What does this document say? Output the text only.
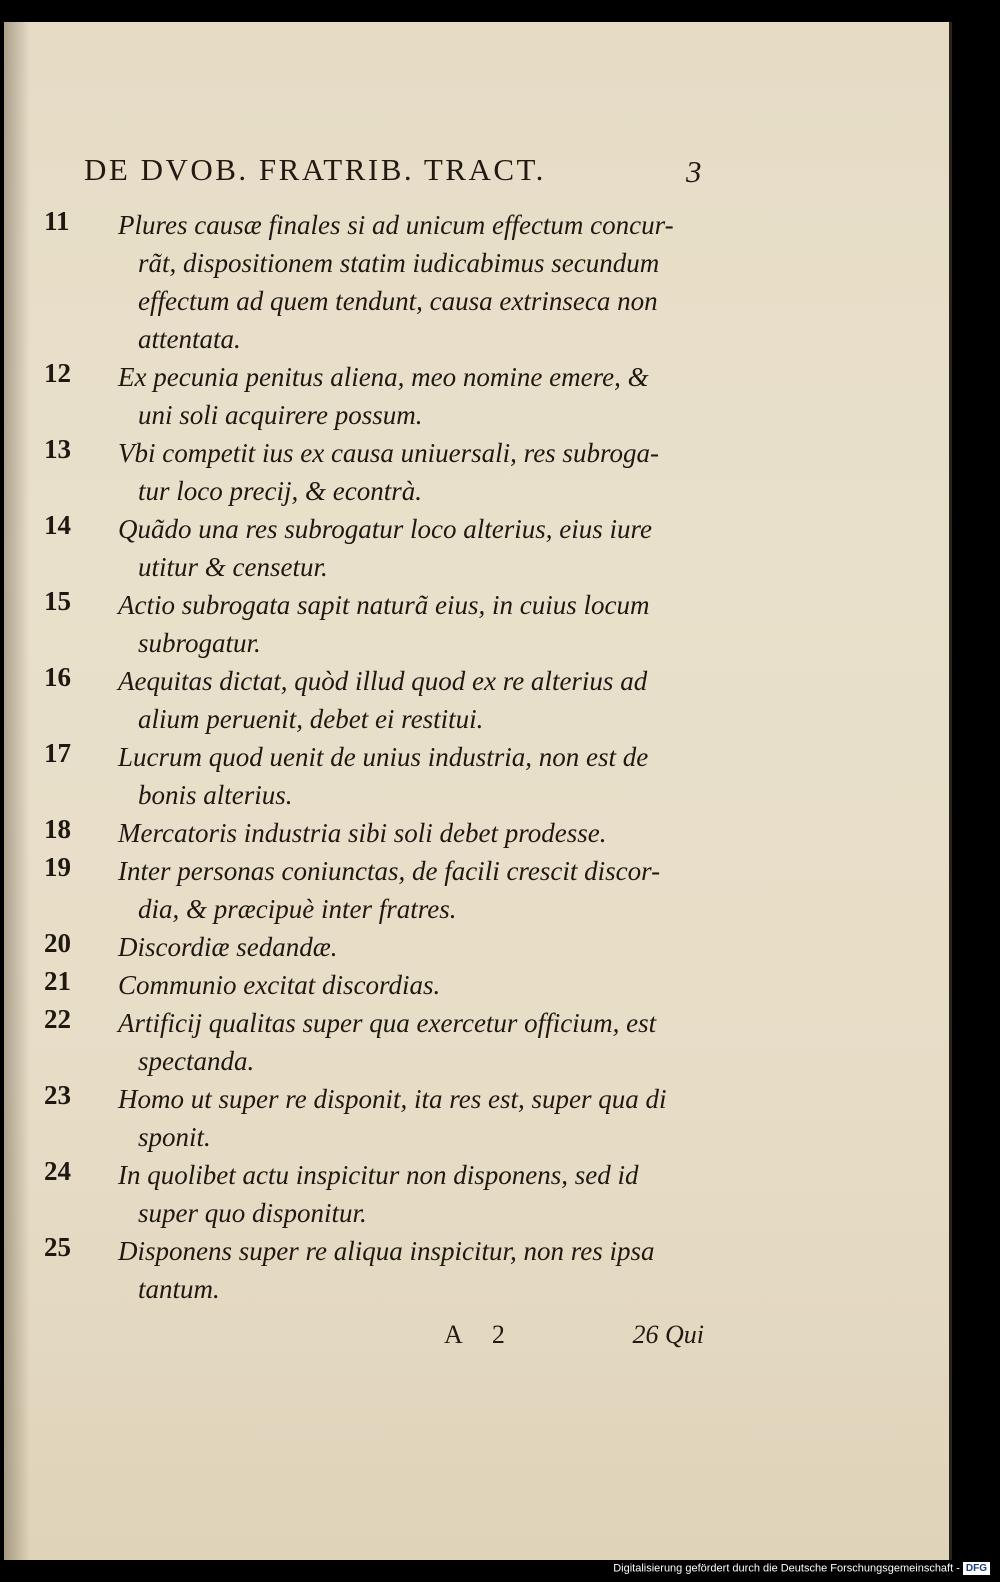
DE DVOB. FRATRIB. TRACT.	3
11	Plures causæ finales si ad unicum effectum concur-
rãt, dispositionem statim iudicabimus secundum
effectum ad quem tendunt, causa extrinseca non
attentata.
12	Ex pecunia penitus aliena, meo nomine emere, &
uni soli acquirere possum.
13	Vbi competit ius ex causa uniuersali, res subroga-
tur loco precij, & econtrà.
14	Quãdo una res subrogatur loco alterius, eius iure
utitur & censetur.
15	Actio subrogata sapit naturã eius, in cuius locum
subrogatur.
16	Aequitas dictat, quòd illud quod ex re alterius ad
alium peruenit, debet ei restitui.
17	Lucrum quod uenit de unius industria, non est de
bonis alterius.
18	Mercatoris industria sibi soli debet prodesse.
19	Inter personas coniunctas, de facili crescit discor-
dia, & præcipuè inter fratres.
20	Discordiæ sedandæ.
21	Communio excitat discordias.
22	Artificij qualitas super qua exercetur officium, est
spectanda.
23	Homo ut super re disponit, ita res est, super qua di
sponit.
24	In quolibet actu inspicitur non disponens, sed id
super quo disponitur.
25	Disponens super re aliqua inspicitur, non res ipsa
tantum.
A 2	26 Qui
Digitalisierung gefördert durch die Deutsche Forschungsgemeinschaft - DFG
